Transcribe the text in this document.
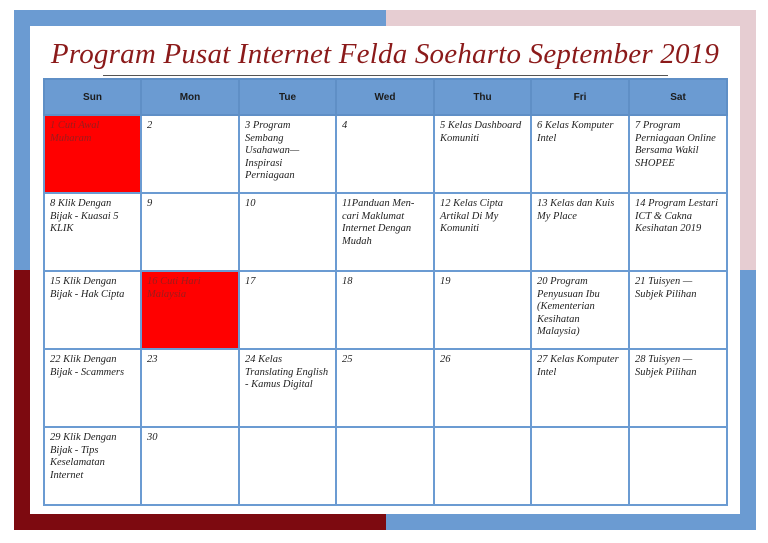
Program Pusat Internet Felda Soeharto September 2019
Sun	Mon	Tue	Wed	Thu	Fri	Sat
1 Cuti Awal Muharam	2	3 Program Sembang Usahawan—Inspirasi Perniagaan	4	5 Kelas Dashboard Komuniti	6 Kelas Komputer Intel	7 Program Perniagaan Online Bersama Wakil SHOPEE
8 Klik Dengan Bijak - Kuasai 5 KLIK	9	10	11Panduan Men-cari Maklumat Internet Dengan Mudah	12 Kelas Cipta Artikal Di My Komuniti	13 Kelas dan Kuis My Place	14 Program Lestari ICT & Cakna Kesihatan 2019
15 Klik Dengan Bijak - Hak Cipta	16 Cuti Hari Malaysia	17	18	19	20 Program Penyusuan Ibu (Kementerian Kesihatan Malaysia)	21 Tuisyen — Subjek Pilihan
22 Klik Dengan Bijak - Scammers	23	24 Kelas Translating English - Kamus Digital	25	26	27 Kelas Komputer Intel	28 Tuisyen — Subjek Pilihan
29 Klik Dengan Bijak - Tips Keselamatan Internet	30					
